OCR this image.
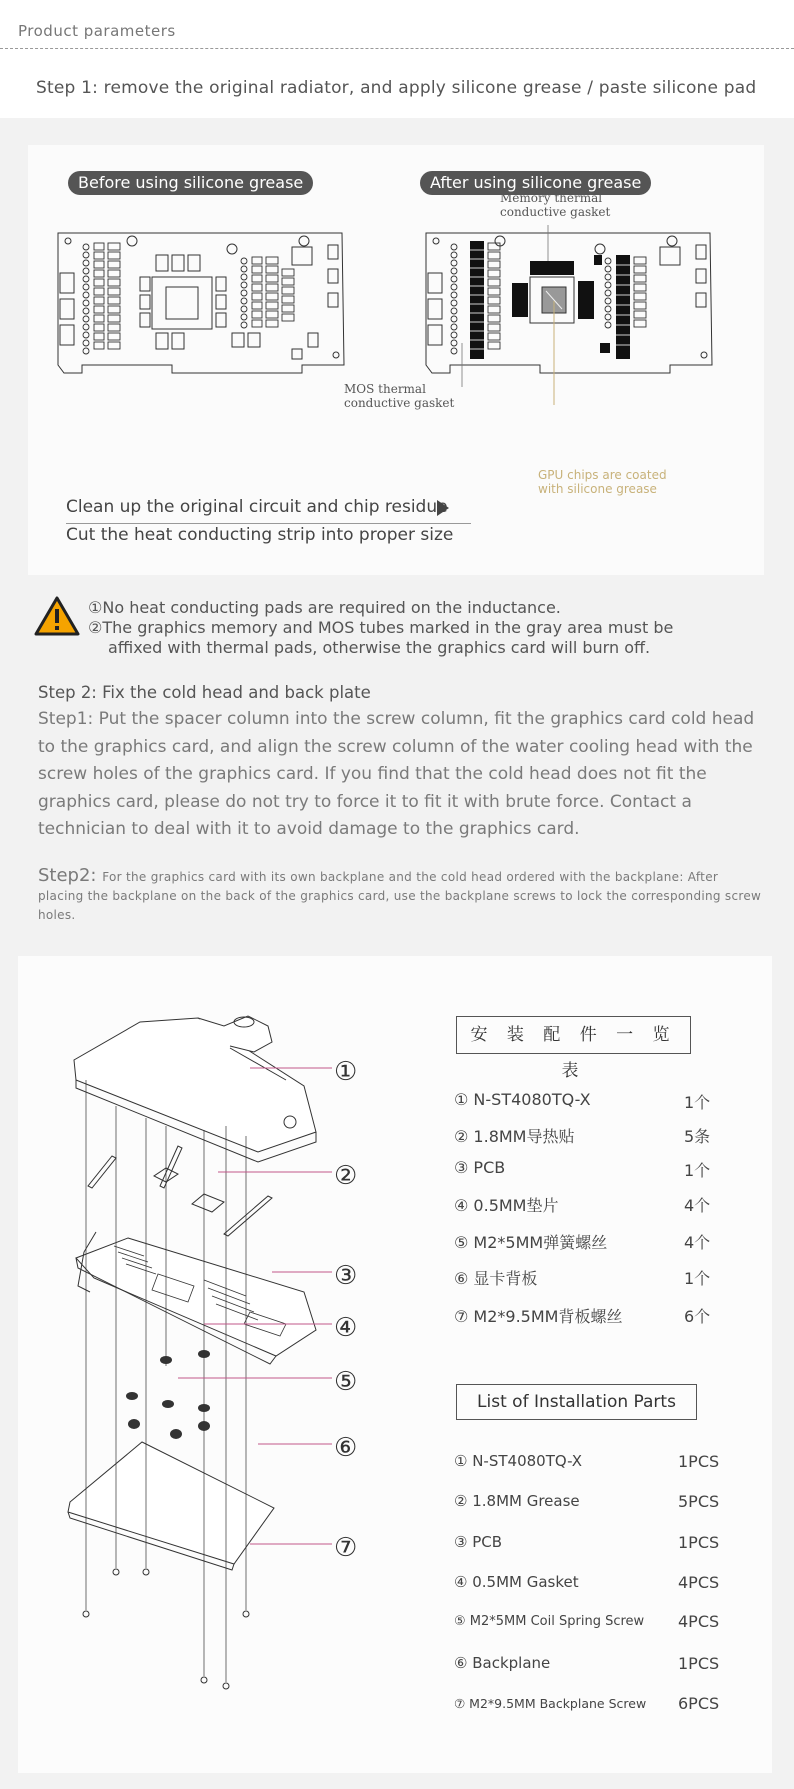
Product parameters
Step 1: remove the original radiator, and apply silicone grease / paste silicone pad
Before using silicone grease	After using silicone grease
Memory thermal
conductive gasket
MOS thermal
conductive gasket
GPU chips are coated
with silicone grease
Clean up the original circuit and chip residue
Cut the heat conducting strip into proper size
①No heat conducting pads are required on the inductance.
②The graphics memory and MOS tubes marked in the gray area must be
affixed with thermal pads, otherwise the graphics card will burn off.
Step 2: Fix the cold head and back plate
Step1: Put the spacer column into the screw column, fit the graphics card cold head to the graphics card, and align the screw column of the water cooling head with the screw holes of the graphics card. If you find that the cold head does not fit the graphics card, please do not try to force it to fit it with brute force. Contact a technician to deal with it to avoid damage to the graphics card.
Step2: For the graphics card with its own backplane and the cold head ordered with the backplane: After placing the backplane on the back of the graphics card, use the backplane screws to lock the corresponding screw holes.
①
②
③
④
⑤
⑥
⑦
安 装 配 件 一 览 表
① N-ST4080TQ-X	1个
② 1.8MM导热贴	5条
③ PCB	1个
④ 0.5MM垫片	4个
⑤ M2*5MM弹簧螺丝	4个
⑥ 显卡背板	1个
⑦ M2*9.5MM背板螺丝	6个
List of Installation Parts
① N-ST4080TQ-X	1PCS
② 1.8MM Grease	5PCS
③ PCB	1PCS
④ 0.5MM Gasket	4PCS
⑤ M2*5MM Coil Spring Screw 4PCS
⑥ Backplane	1PCS
⑦ M2*9.5MM Backplane Screw 6PCS
